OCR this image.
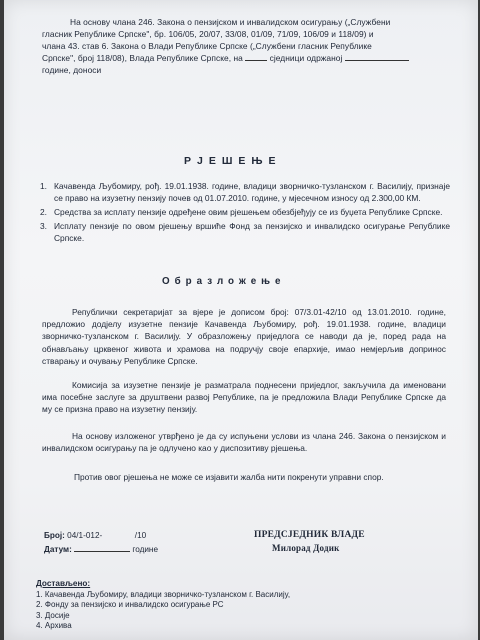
На основу члана 246. Закона о пензијском и инвалидском осигурању („Службени
гласник Републике Српске", бр. 106/05, 20/07, 33/08, 01/09, 71/09, 106/09 и 118/09) и
члана 43. став 6. Закона о Влади Републике Српске („Службени гласник Републике
Српске", број 118/08), Влада Републике Српске, на	сједници одржаној
године, доноси
РЈЕШЕЊЕ
1. Качавенда Љубомиру, рођ. 19.01.1938. године, владици зворничко-тузланском г. Василију, признаје се право на изузетну пензију почев од 01.07.2010. године, у мјесечном износу од 2.300,00 КМ.
2. Средства за исплату пензије одређене овим рјешењем обезбјеђују се из буџета Републике Српске.
3. Исплату пензије по овом рјешењу вршиће Фонд за пензијско и инвалидско осигурање Републике Српске.
Образложење
Републички секретаријат за вјере је дописом број: 07/3.01-42/10 од 13.01.2010. године, предложио додјелу изузетне пензије Качавенда Љубомиру, рођ. 19.01.1938. године, владици зворничко-тузланском г. Василију. У образложењу приједлога се наводи да је, поред рада на обнављању црквеног живота и храмова на подручју своје епархије, имао немјерљив допринос стварању и очувању Републике Српске.
Комисија за изузетне пензије је разматрала поднесени приједлог, закључила да именовани има посебне заслуге за друштвени развој Републике, па је предложила Влади Републике Српске да му се призна право на изузетну пензију.
На основу изложеног утврђено је да су испуњени услови из члана 246. Закона о пензијском и инвалидском осигурању па је одлучено као у диспозитиву рјешења.
Против овог рјешења не може се изјавити жалба нити покренути управни спор.
Број: 04/1-012-	/10
Датум:	године
ПРЕДСЈЕДНИК ВЛАДЕ
Милорад Додик
Достављено:
1. Качавенда Љубомиру, владици зворничко-тузланском г. Василију,
2. Фонду за пензијско и инвалидско осигурање РС
3. Досије
4. Архива
